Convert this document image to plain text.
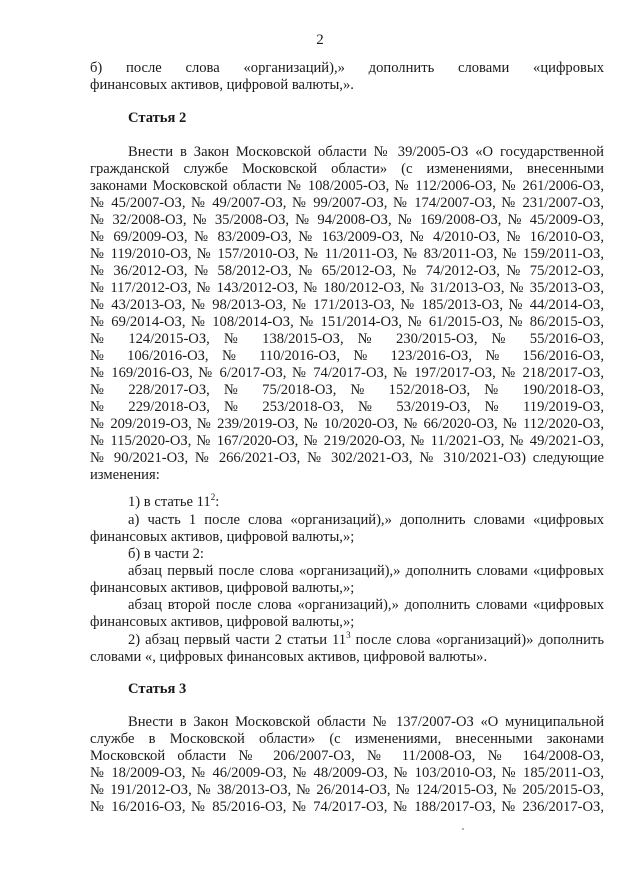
2
б) после слова «организаций),» дополнить словами «цифровых
финансовых активов, цифровой валюты,».
Статья 2
Внести в Закон Московской области № 39/2005-ОЗ «О государственной
гражданской службе Московской области» (с изменениями, внесенными
законами Московской области № 108/2005-ОЗ, № 112/2006-ОЗ, № 261/2006-ОЗ,
№ 45/2007-ОЗ, № 49/2007-ОЗ, № 99/2007-ОЗ, № 174/2007-ОЗ, № 231/2007-ОЗ,
№ 32/2008-ОЗ, № 35/2008-ОЗ, № 94/2008-ОЗ, № 169/2008-ОЗ, № 45/2009-ОЗ,
№ 69/2009-ОЗ, № 83/2009-ОЗ, № 163/2009-ОЗ, № 4/2010-ОЗ, № 16/2010-ОЗ,
№ 119/2010-ОЗ, № 157/2010-ОЗ, № 11/2011-ОЗ, № 83/2011-ОЗ, № 159/2011-ОЗ,
№ 36/2012-ОЗ, № 58/2012-ОЗ, № 65/2012-ОЗ, № 74/2012-ОЗ, № 75/2012-ОЗ,
№ 117/2012-ОЗ, № 143/2012-ОЗ, № 180/2012-ОЗ, № 31/2013-ОЗ, № 35/2013-ОЗ,
№ 43/2013-ОЗ, № 98/2013-ОЗ, № 171/2013-ОЗ, № 185/2013-ОЗ, № 44/2014-ОЗ,
№ 69/2014-ОЗ, № 108/2014-ОЗ, № 151/2014-ОЗ, № 61/2015-ОЗ, № 86/2015-ОЗ,
№ 124/2015-ОЗ, № 138/2015-ОЗ, № 230/2015-ОЗ, № 55/2016-ОЗ,
№ 106/2016-ОЗ, № 110/2016-ОЗ, № 123/2016-ОЗ, № 156/2016-ОЗ,
№ 169/2016-ОЗ, № 6/2017-ОЗ, № 74/2017-ОЗ, № 197/2017-ОЗ, № 218/2017-ОЗ,
№ 228/2017-ОЗ, № 75/2018-ОЗ, № 152/2018-ОЗ, № 190/2018-ОЗ,
№ 229/2018-ОЗ, № 253/2018-ОЗ, № 53/2019-ОЗ, № 119/2019-ОЗ,
№ 209/2019-ОЗ, № 239/2019-ОЗ, № 10/2020-ОЗ, № 66/2020-ОЗ, № 112/2020-ОЗ,
№ 115/2020-ОЗ, № 167/2020-ОЗ, № 219/2020-ОЗ, № 11/2021-ОЗ, № 49/2021-ОЗ,
№ 90/2021-ОЗ, № 266/2021-ОЗ, № 302/2021-ОЗ, № 310/2021-ОЗ) следующие
изменения:
1) в статье $11^2$:
а) часть 1 после слова «организаций),» дополнить словами «цифровых
финансовых активов, цифровой валюты,»;
б) в части 2:
абзац первый после слова «организаций),» дополнить словами «цифровых
финансовых активов, цифровой валюты,»;
абзац второй после слова «организаций),» дополнить словами «цифровых
финансовых активов, цифровой валюты,»;
2) абзац первый части 2 статьи $11^3$ после слова «организаций)» дополнить
словами «, цифровых финансовых активов, цифровой валюты».
Статья 3
Внести в Закон Московской области № 137/2007-ОЗ «О муниципальной
службе в Московской области» (с изменениями, внесенными законами
Московской области № 206/2007-ОЗ, № 11/2008-ОЗ, № 164/2008-ОЗ,
№ 18/2009-ОЗ, № 46/2009-ОЗ, № 48/2009-ОЗ, № 103/2010-ОЗ, № 185/2011-ОЗ,
№ 191/2012-ОЗ, № 38/2013-ОЗ, № 26/2014-ОЗ, № 124/2015-ОЗ, № 205/2015-ОЗ,
№ 16/2016-ОЗ, № 85/2016-ОЗ, № 74/2017-ОЗ, № 188/2017-ОЗ, № 236/2017-ОЗ,
